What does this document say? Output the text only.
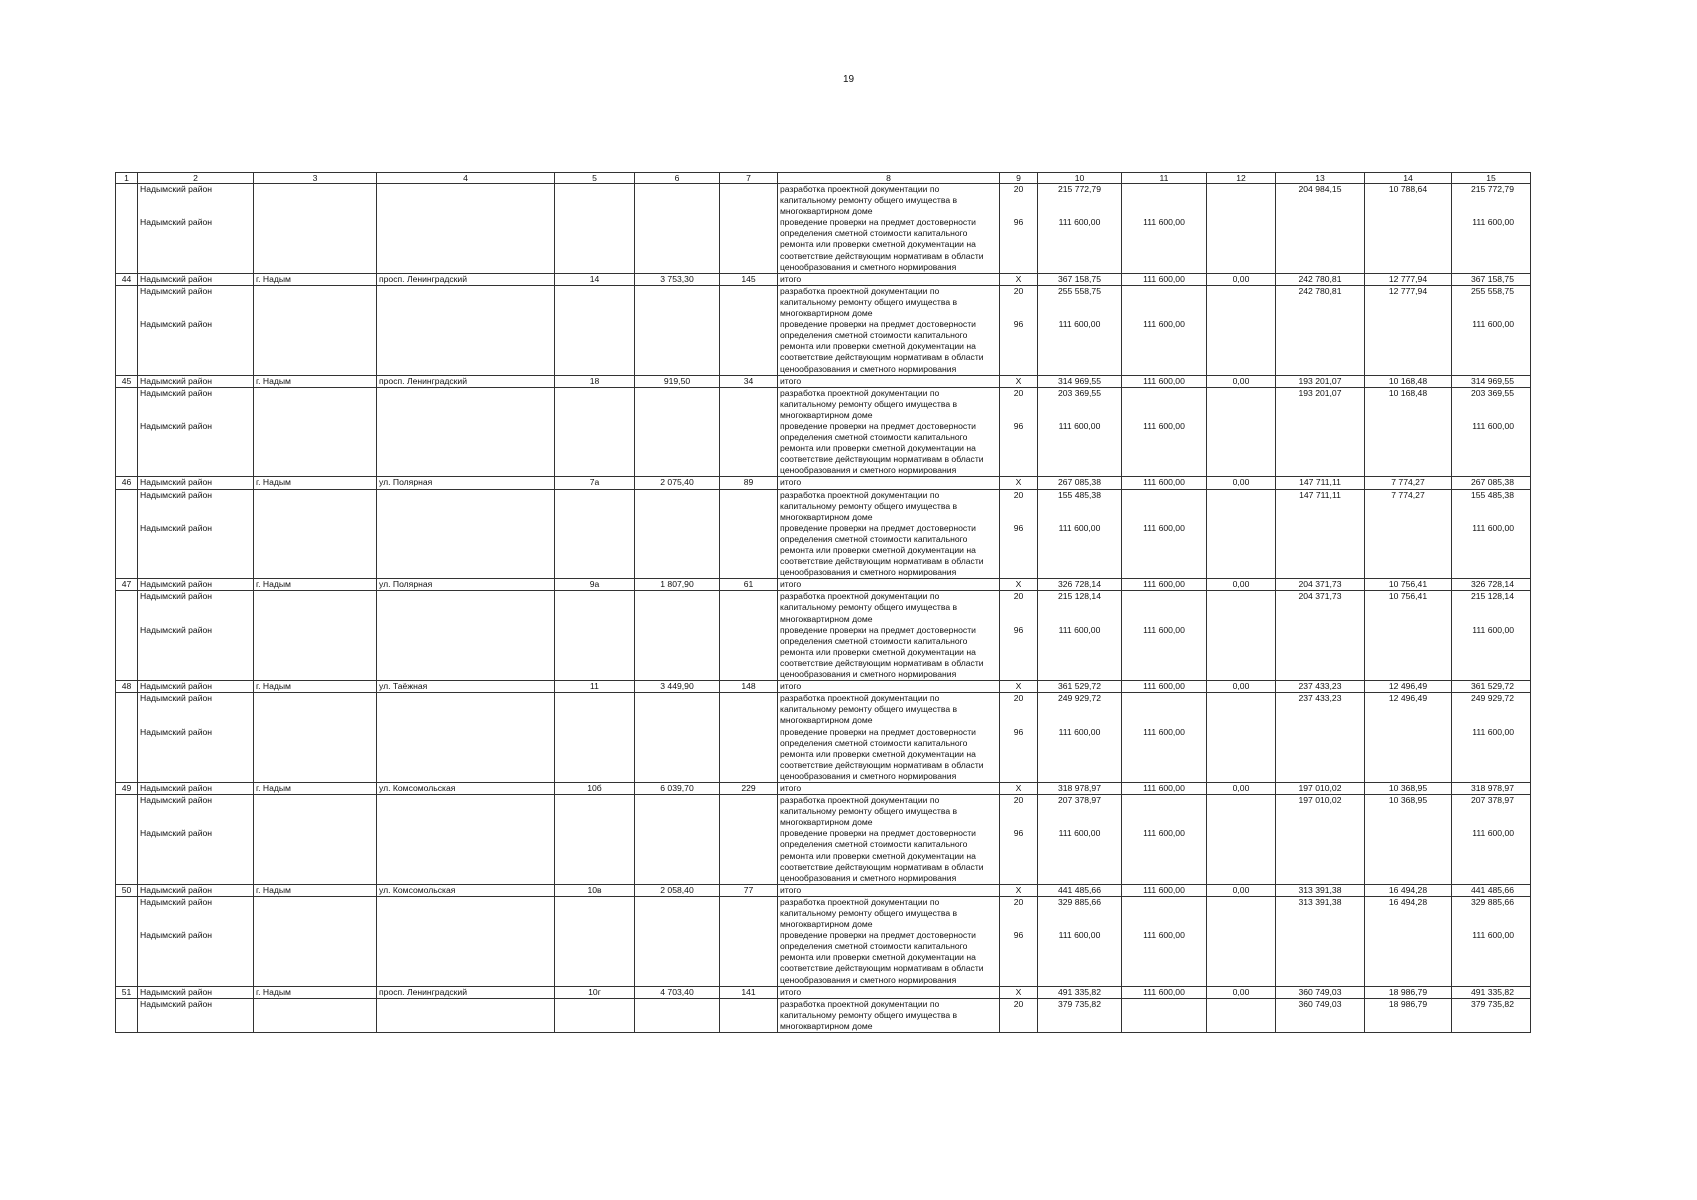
19
1	2	3	4	5	6	7	8	9	10	11	12	13	14	15
	Надымский район						разработка проектной документации по капитальному ремонту общего имущества в многоквартирном доме	20	215 772,79			204 984,15	10 788,64	215 772,79
	Надымский район						проведение проверки на предмет достоверности определения сметной стоимости капитального ремонта или проверки сметной документации на соответствие действующим нормативам в области ценообразования и сметного нормирования	96	111 600,00	111 600,00				111 600,00
44	Надымский район	г. Надым	просп. Ленинградский	14	3 753,30	145	итого	X	367 158,75	111 600,00	0,00	242 780,81	12 777,94	367 158,75
	Надымский район						разработка проектной документации по капитальному ремонту общего имущества в многоквартирном доме	20	255 558,75			242 780,81	12 777,94	255 558,75
	Надымский район						проведение проверки на предмет достоверности определения сметной стоимости капитального ремонта или проверки сметной документации на соответствие действующим нормативам в области ценообразования и сметного нормирования	96	111 600,00	111 600,00				111 600,00
45	Надымский район	г. Надым	просп. Ленинградский	18	919,50	34	итого	X	314 969,55	111 600,00	0,00	193 201,07	10 168,48	314 969,55
	Надымский район						разработка проектной документации по капитальному ремонту общего имущества в многоквартирном доме	20	203 369,55			193 201,07	10 168,48	203 369,55
	Надымский район						проведение проверки на предмет достоверности определения сметной стоимости капитального ремонта или проверки сметной документации на соответствие действующим нормативам в области ценообразования и сметного нормирования	96	111 600,00	111 600,00				111 600,00
46	Надымский район	г. Надым	ул. Полярная	7а	2 075,40	89	итого	X	267 085,38	111 600,00	0,00	147 711,11	7 774,27	267 085,38
	Надымский район						разработка проектной документации по капитальному ремонту общего имущества в многоквартирном доме	20	155 485,38			147 711,11	7 774,27	155 485,38
	Надымский район						проведение проверки на предмет достоверности определения сметной стоимости капитального ремонта или проверки сметной документации на соответствие действующим нормативам в области ценообразования и сметного нормирования	96	111 600,00	111 600,00				111 600,00
47	Надымский район	г. Надым	ул. Полярная	9а	1 807,90	61	итого	X	326 728,14	111 600,00	0,00	204 371,73	10 756,41	326 728,14
	Надымский район						разработка проектной документации по капитальному ремонту общего имущества в многоквартирном доме	20	215 128,14			204 371,73	10 756,41	215 128,14
	Надымский район						проведение проверки на предмет достоверности определения сметной стоимости капитального ремонта или проверки сметной документации на соответствие действующим нормативам в области ценообразования и сметного нормирования	96	111 600,00	111 600,00				111 600,00
48	Надымский район	г. Надым	ул. Таёжная	11	3 449,90	148	итого	X	361 529,72	111 600,00	0,00	237 433,23	12 496,49	361 529,72
	Надымский район						разработка проектной документации по капитальному ремонту общего имущества в многоквартирном доме	20	249 929,72			237 433,23	12 496,49	249 929,72
	Надымский район						проведение проверки на предмет достоверности определения сметной стоимости капитального ремонта или проверки сметной документации на соответствие действующим нормативам в области ценообразования и сметного нормирования	96	111 600,00	111 600,00				111 600,00
49	Надымский район	г. Надым	ул. Комсомольская	10б	6 039,70	229	итого	X	318 978,97	111 600,00	0,00	197 010,02	10 368,95	318 978,97
	Надымский район						разработка проектной документации по капитальному ремонту общего имущества в многоквартирном доме	20	207 378,97			197 010,02	10 368,95	207 378,97
	Надымский район						проведение проверки на предмет достоверности определения сметной стоимости капитального ремонта или проверки сметной документации на соответствие действующим нормативам в области ценообразования и сметного нормирования	96	111 600,00	111 600,00				111 600,00
50	Надымский район	г. Надым	ул. Комсомольская	10в	2 058,40	77	итого	X	441 485,66	111 600,00	0,00	313 391,38	16 494,28	441 485,66
	Надымский район						разработка проектной документации по капитальному ремонту общего имущества в многоквартирном доме	20	329 885,66			313 391,38	16 494,28	329 885,66
	Надымский район						проведение проверки на предмет достоверности определения сметной стоимости капитального ремонта или проверки сметной документации на соответствие действующим нормативам в области ценообразования и сметного нормирования	96	111 600,00	111 600,00				111 600,00
51	Надымский район	г. Надым	просп. Ленинградский	10г	4 703,40	141	итого	X	491 335,82	111 600,00	0,00	360 749,03	18 986,79	491 335,82
	Надымский район						разработка проектной документации по капитальному ремонту общего имущества в многоквартирном доме	20	379 735,82			360 749,03	18 986,79	379 735,82
